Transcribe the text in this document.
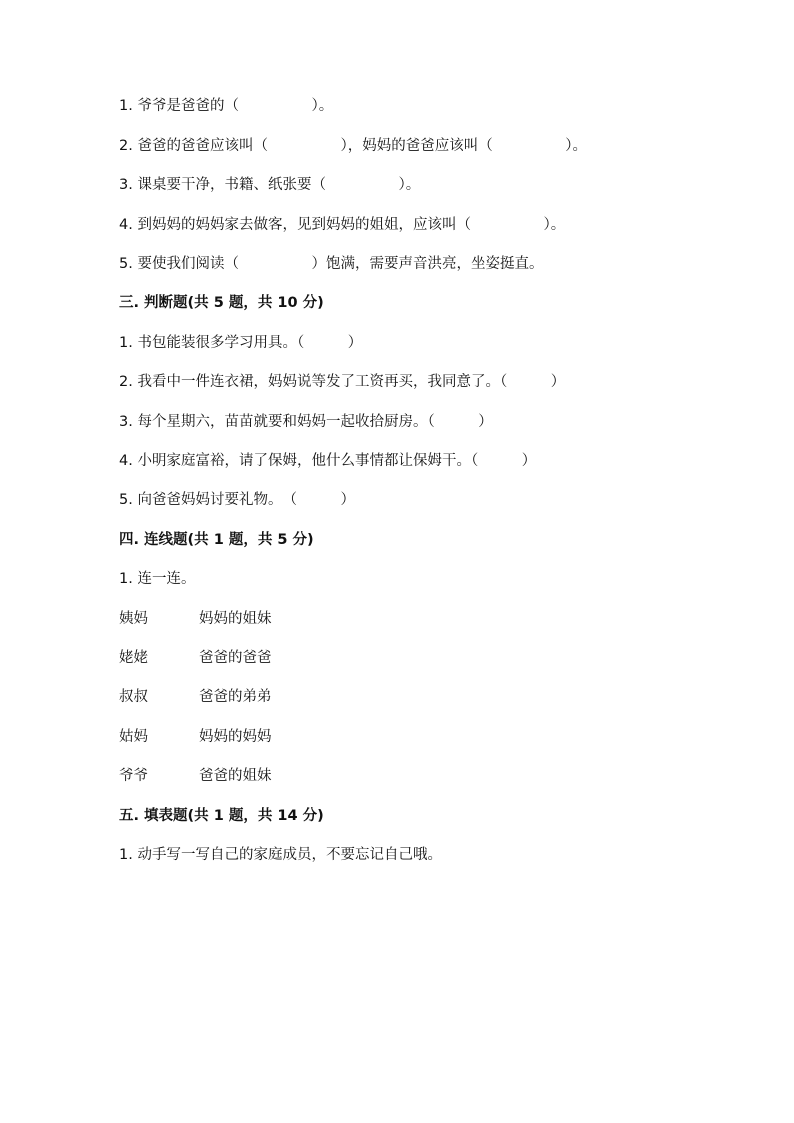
1. 爷爷是爸爸的（　　　　　）。
2. 爸爸的爸爸应该叫（　　　　　），妈妈的爸爸应该叫（　　　　　）。
3. 课桌要干净，书籍、纸张要（　　　　　）。
4. 到妈妈的妈妈家去做客，见到妈妈的姐姐，应该叫（　　　　　）。
5. 要使我们阅读（　　　　　）饱满，需要声音洪亮，坐姿挺直。
三. 判断题(共 5 题，共 10 分)
1. 书包能装很多学习用具。（　　　）
2. 我看中一件连衣裙，妈妈说等发了工资再买，我同意了。（　　　）
3. 每个星期六，苗苗就要和妈妈一起收拾厨房。（　　　）
4. 小明家庭富裕，请了保姆，他什么事情都让保姆干。（　　　）
5. 向爸爸妈妈讨要礼物。　（　　　）
四. 连线题(共 1 题，共 5 分)
1. 连一连。
姨妈	妈妈的姐妹
姥姥	爸爸的爸爸
叔叔	爸爸的弟弟
姑妈	妈妈的妈妈
爷爷	爸爸的姐妹
五. 填表题(共 1 题，共 14 分)
1. 动手写一写自己的家庭成员，不要忘记自己哦。
